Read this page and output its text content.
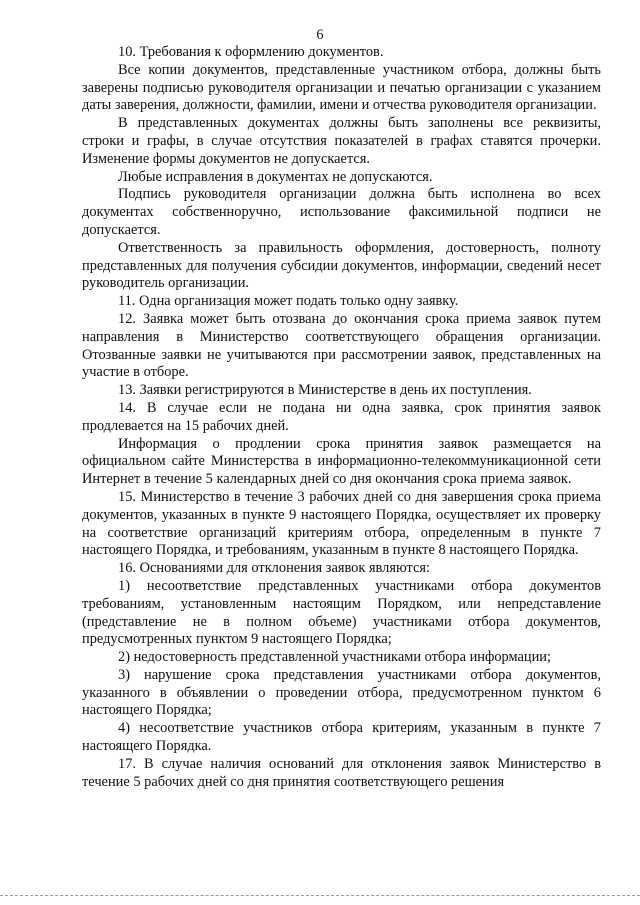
6

10. Требования к оформлению документов.

Все копии документов, представленные участником отбора, должны быть заверены подписью руководителя организации и печатью организации с указанием даты заверения, должности, фамилии, имени и отчества руководителя организации.

В представленных документах должны быть заполнены все реквизиты, строки и графы, в случае отсутствия показателей в графах ставятся прочерки. Изменение формы документов не допускается.

Любые исправления в документах не допускаются.

Подпись руководителя организации должна быть исполнена во всех документах собственноручно, использование факсимильной подписи не допускается.

Ответственность за правильность оформления, достоверность, полноту представленных для получения субсидии документов, информации, сведений несет руководитель организации.

11. Одна организация может подать только одну заявку.

12. Заявка может быть отозвана до окончания срока приема заявок путем направления в Министерство соответствующего обращения организации. Отозванные заявки не учитываются при рассмотрении заявок, представленных на участие в отборе.

13. Заявки регистрируются в Министерстве в день их поступления.

14. В случае если не подана ни одна заявка, срок принятия заявок продлевается на 15 рабочих дней.

Информация о продлении срока принятия заявок размещается на официальном сайте Министерства в информационно-телекоммуникационной сети Интернет в течение 5 календарных дней со дня окончания срока приема заявок.

15. Министерство в течение 3 рабочих дней со дня завершения срока приема документов, указанных в пункте 9 настоящего Порядка, осуществляет их проверку на соответствие организаций критериям отбора, определенным в пункте 7 настоящего Порядка, и требованиям, указанным в пункте 8 настоящего Порядка.

16. Основаниями для отклонения заявок являются:

1) несоответствие представленных участниками отбора документов требованиям, установленным настоящим Порядком, или непредставление (представление не в полном объеме) участниками отбора документов, предусмотренных пунктом 9 настоящего Порядка;

2) недостоверность представленной участниками отбора информации;

3) нарушение срока представления участниками отбора документов, указанного в объявлении о проведении отбора, предусмотренном пунктом 6 настоящего Порядка;

4) несоответствие участников отбора критериям, указанным в пункте 7 настоящего Порядка.

17. В случае наличия оснований для отклонения заявок Министерство в течение 5 рабочих дней со дня принятия соответствующего решения
